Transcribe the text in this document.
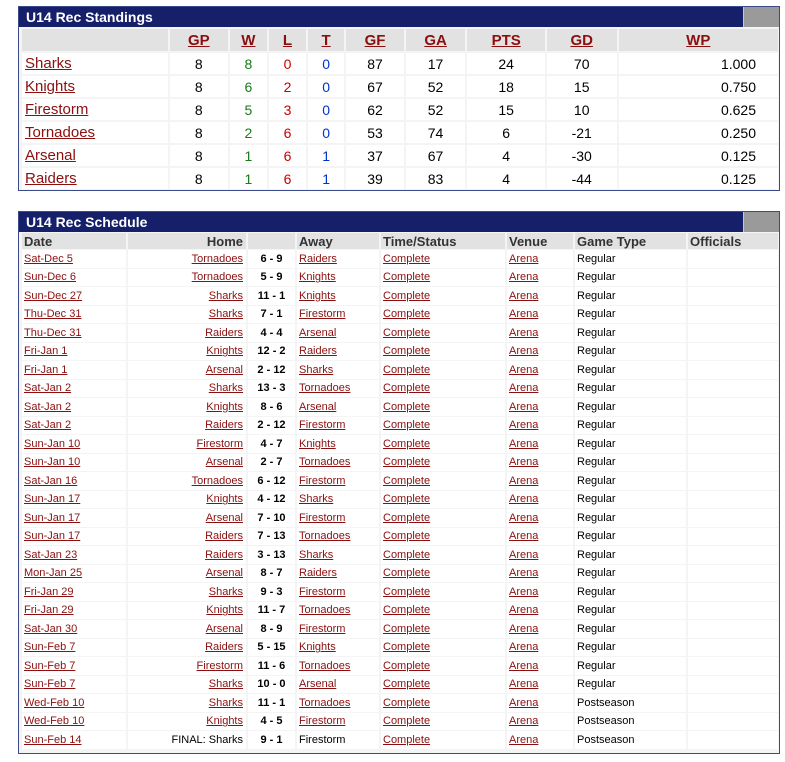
U14 Rec Standings
	GP	W	L	T	GF	GA	PTS	GD	WP
Sharks	8	8	0	0	87	17	24	70	1.000
Knights	8	6	2	0	67	52	18	15	0.750
Firestorm	8	5	3	0	62	52	15	10	0.625
Tornadoes	8	2	6	0	53	74	6	-21	0.250
Arsenal	8	1	6	1	37	67	4	-30	0.125
Raiders	8	1	6	1	39	83	4	-44	0.125
U14 Rec Schedule
Date	Home		Away	Time/Status	Venue	Game Type	Officials
Sat-Dec 5	Tornadoes	6 - 9	Raiders	Complete	Arena	Regular	
Sun-Dec 6	Tornadoes	5 - 9	Knights	Complete	Arena	Regular	
Sun-Dec 27	Sharks	11 - 1	Knights	Complete	Arena	Regular	
Thu-Dec 31	Sharks	7 - 1	Firestorm	Complete	Arena	Regular	
Thu-Dec 31	Raiders	4 - 4	Arsenal	Complete	Arena	Regular	
Fri-Jan 1	Knights	12 - 2	Raiders	Complete	Arena	Regular	
Fri-Jan 1	Arsenal	2 - 12	Sharks	Complete	Arena	Regular	
Sat-Jan 2	Sharks	13 - 3	Tornadoes	Complete	Arena	Regular	
Sat-Jan 2	Knights	8 - 6	Arsenal	Complete	Arena	Regular	
Sat-Jan 2	Raiders	2 - 12	Firestorm	Complete	Arena	Regular	
Sun-Jan 10	Firestorm	4 - 7	Knights	Complete	Arena	Regular	
Sun-Jan 10	Arsenal	2 - 7	Tornadoes	Complete	Arena	Regular	
Sat-Jan 16	Tornadoes	6 - 12	Firestorm	Complete	Arena	Regular	
Sun-Jan 17	Knights	4 - 12	Sharks	Complete	Arena	Regular	
Sun-Jan 17	Arsenal	7 - 10	Firestorm	Complete	Arena	Regular	
Sun-Jan 17	Raiders	7 - 13	Tornadoes	Complete	Arena	Regular	
Sat-Jan 23	Raiders	3 - 13	Sharks	Complete	Arena	Regular	
Mon-Jan 25	Arsenal	8 - 7	Raiders	Complete	Arena	Regular	
Fri-Jan 29	Sharks	9 - 3	Firestorm	Complete	Arena	Regular	
Fri-Jan 29	Knights	11 - 7	Tornadoes	Complete	Arena	Regular	
Sat-Jan 30	Arsenal	8 - 9	Firestorm	Complete	Arena	Regular	
Sun-Feb 7	Raiders	5 - 15	Knights	Complete	Arena	Regular	
Sun-Feb 7	Firestorm	11 - 6	Tornadoes	Complete	Arena	Regular	
Sun-Feb 7	Sharks	10 - 0	Arsenal	Complete	Arena	Regular	
Wed-Feb 10	Sharks	11 - 1	Tornadoes	Complete	Arena	Postseason	
Wed-Feb 10	Knights	4 - 5	Firestorm	Complete	Arena	Postseason	
Sun-Feb 14	FINAL: Sharks	9 - 1	Firestorm	Complete	Arena	Postseason	
